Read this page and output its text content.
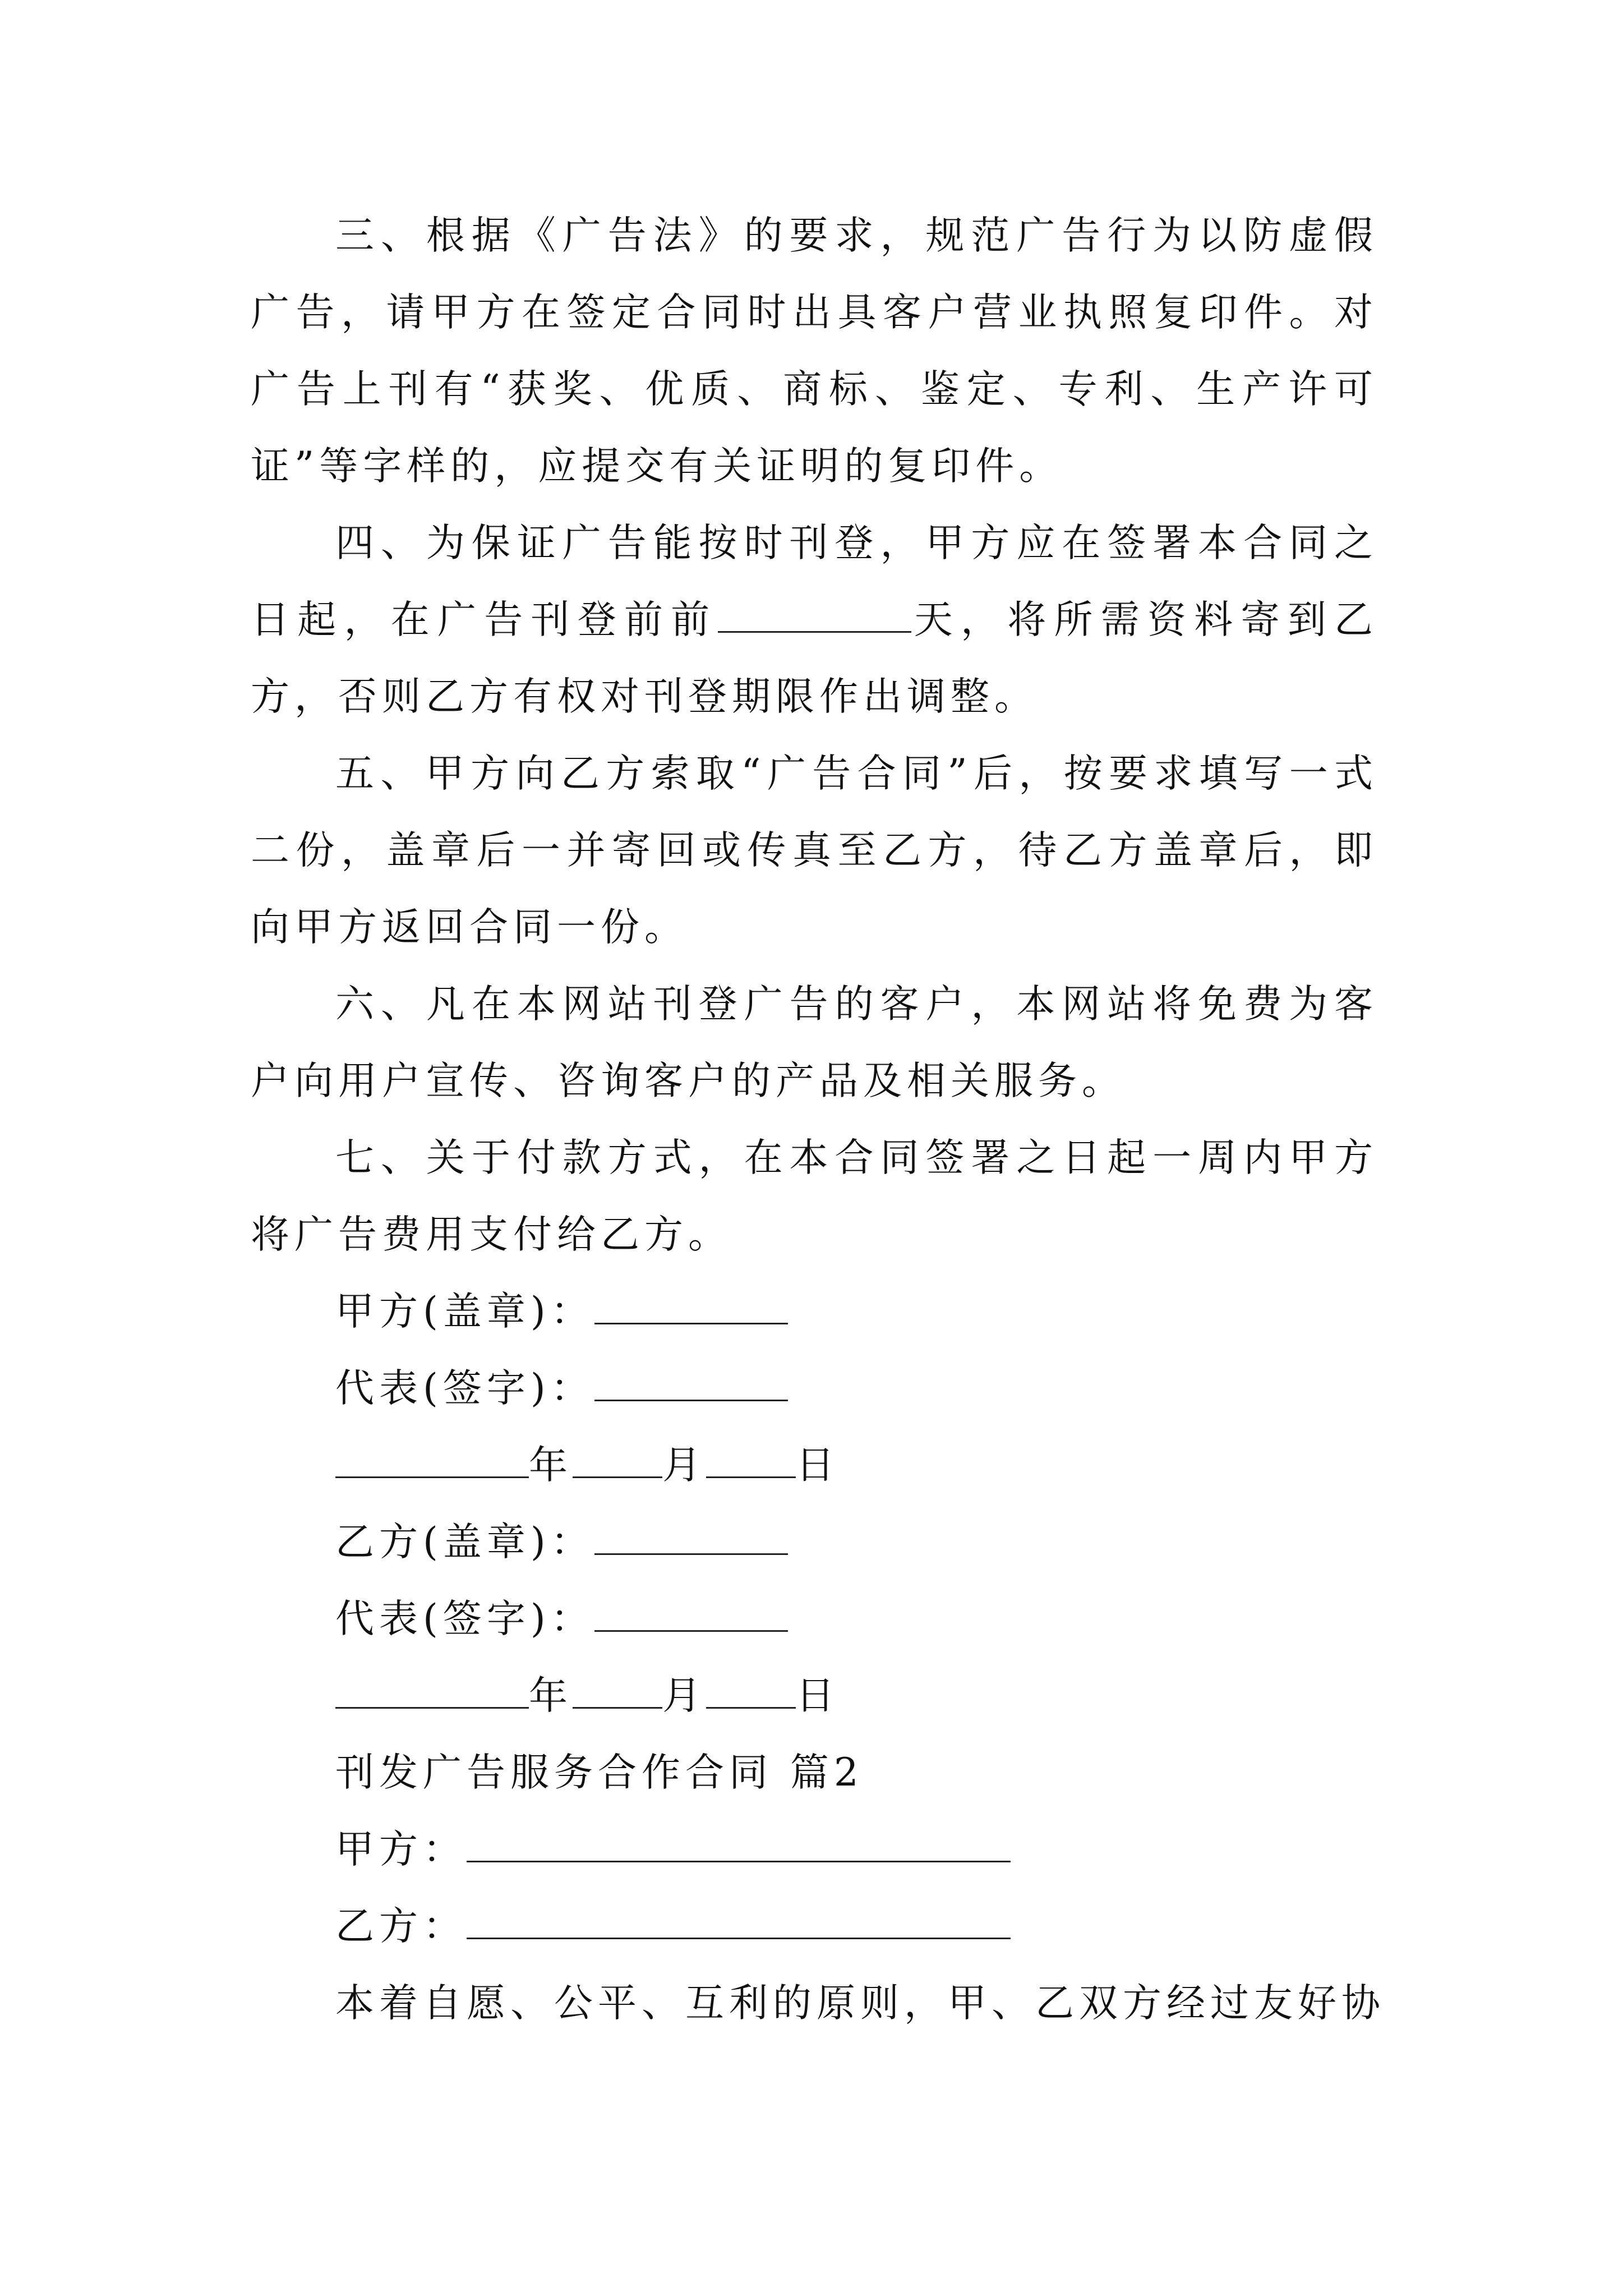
三、根据《广告法》的要求，规范广告行为以防虚假广告，请甲方在签定合同时出具客户营业执照复印件。对广告上刊有“获奖、优质、商标、鉴定、专利、生产许可证”等字样的，应提交有关证明的复印件。

四、为保证广告能按时刊登，甲方应在签署本合同之日起，在广告刊登前前	天，将所需资料寄到乙方，否则乙方有权对刊登期限作出调整。

五、甲方向乙方索取“广告合同”后，按要求填写一式二份，盖章后一并寄回或传真至乙方，待乙方盖章后，即向甲方返回合同一份。

六、凡在本网站刊登广告的客户，本网站将免费为客户向用户宣传、咨询客户的产品及相关服务。

七、关于付款方式，在本合同签署之日起一周内甲方将广告费用支付给乙方。

甲方(盖章)：

代表(签字)：

年 月 日

乙方(盖章)：

代表(签字)：

年 月 日

刊发广告服务合作合同 篇2

甲方：

乙方：

本着自愿、公平、互利的原则，甲、乙双方经过友好协
